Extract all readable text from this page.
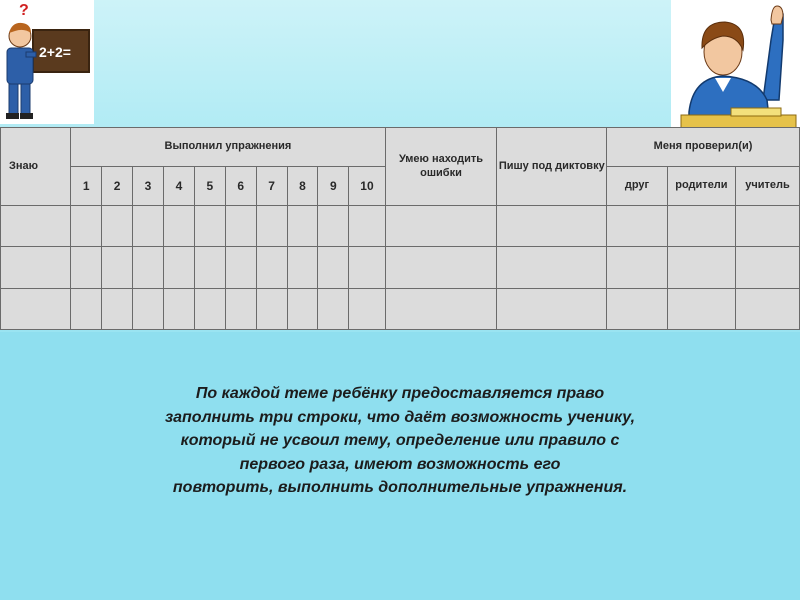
?
2+2=
Знаю	Выполнил упражнения										Умею находить ошибки	Пишу под диктовку	Меня проверил(и)		
	1	2	3	4	5	6	7	8	9	10			друг	родители	учитель

По каждой теме ребёнку предоставляется право
заполнить три строки, что даёт возможность ученику,
который не усвоил тему, определение или правило с
первого раза, имеют возможность его
повторить, выполнить дополнительные упражнения.
